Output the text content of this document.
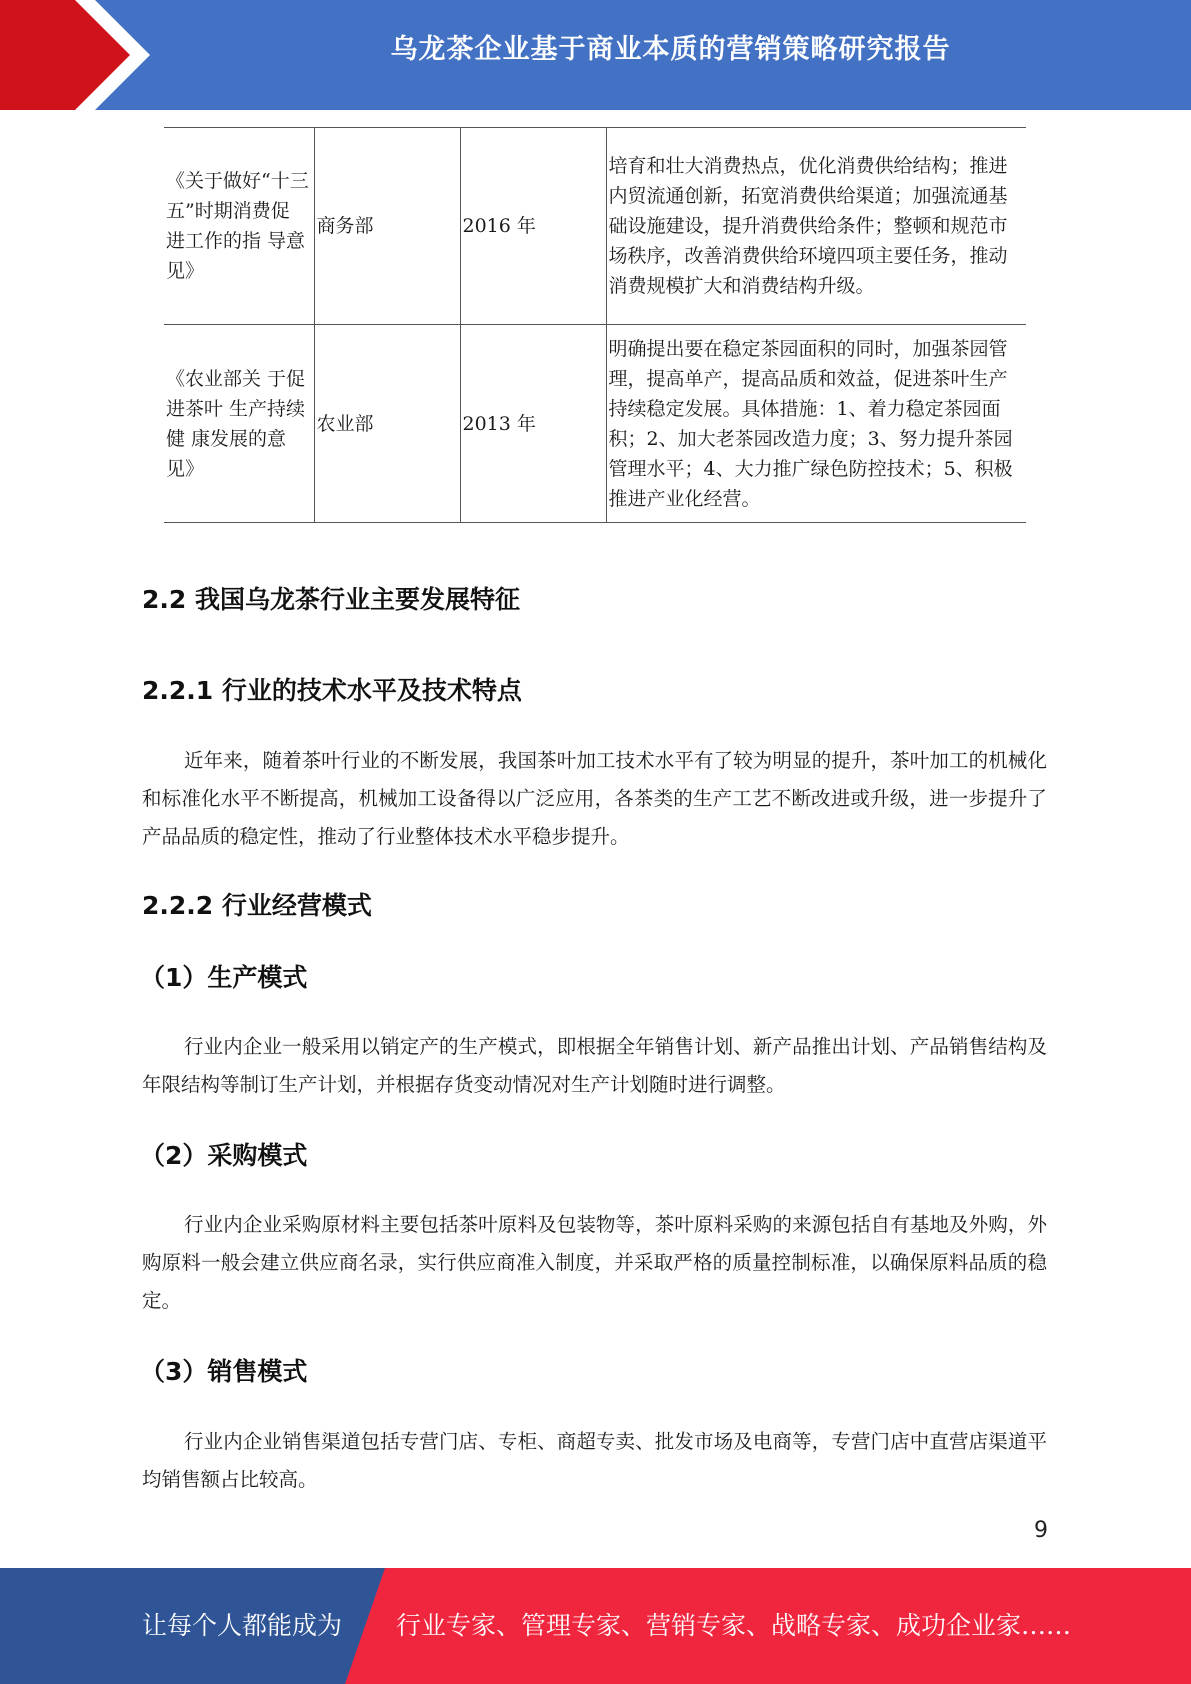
乌龙茶企业基于商业本质的营销策略研究报告
《关于做好“十三五”时期消费促 进工作的指 导意见》	商务部	2016 年	培育和壮大消费热点，优化消费供给结构；推进内贸流通创新，拓宽消费供给渠道；加强流通基础设施建设，提升消费供给条件；整顿和规范市场秩序，改善消费供给环境四项主要任务，推动消费规模扩大和消费结构升级。
《农业部关 于促进茶叶 生产持续健 康发展的意 见》	农业部	2013 年	明确提出要在稳定茶园面积的同时，加强茶园管理，提高单产，提高品质和效益，促进茶叶生产持续稳定发展。具体措施：1、着力稳定茶园面积；2、加大老茶园改造力度；3、努力提升茶园管理水平；4、大力推广绿色防控技术；5、积极推进产业化经营。
2.2 我国乌龙茶行业主要发展特征
2.2.1 行业的技术水平及技术特点
近年来，随着茶叶行业的不断发展，我国茶叶加工技术水平有了较为明显的提升，茶叶加工的机械化和标准化水平不断提高，机械加工设备得以广泛应用，各茶类的生产工艺不断改进或升级，进一步提升了产品品质的稳定性，推动了行业整体技术水平稳步提升。
2.2.2 行业经营模式
（1）生产模式
行业内企业一般采用以销定产的生产模式，即根据全年销售计划、新产品推出计划、产品销售结构及年限结构等制订生产计划，并根据存货变动情况对生产计划随时进行调整。
（2）采购模式
行业内企业采购原材料主要包括茶叶原料及包装物等，茶叶原料采购的来源包括自有基地及外购，外购原料一般会建立供应商名录，实行供应商准入制度，并采取严格的质量控制标准，以确保原料品质的稳定。
（3）销售模式
行业内企业销售渠道包括专营门店、专柜、商超专卖、批发市场及电商等，专营门店中直营店渠道平均销售额占比较高。
9
让每个人都能成为 行业专家、管理专家、营销专家、战略专家、成功企业家……
